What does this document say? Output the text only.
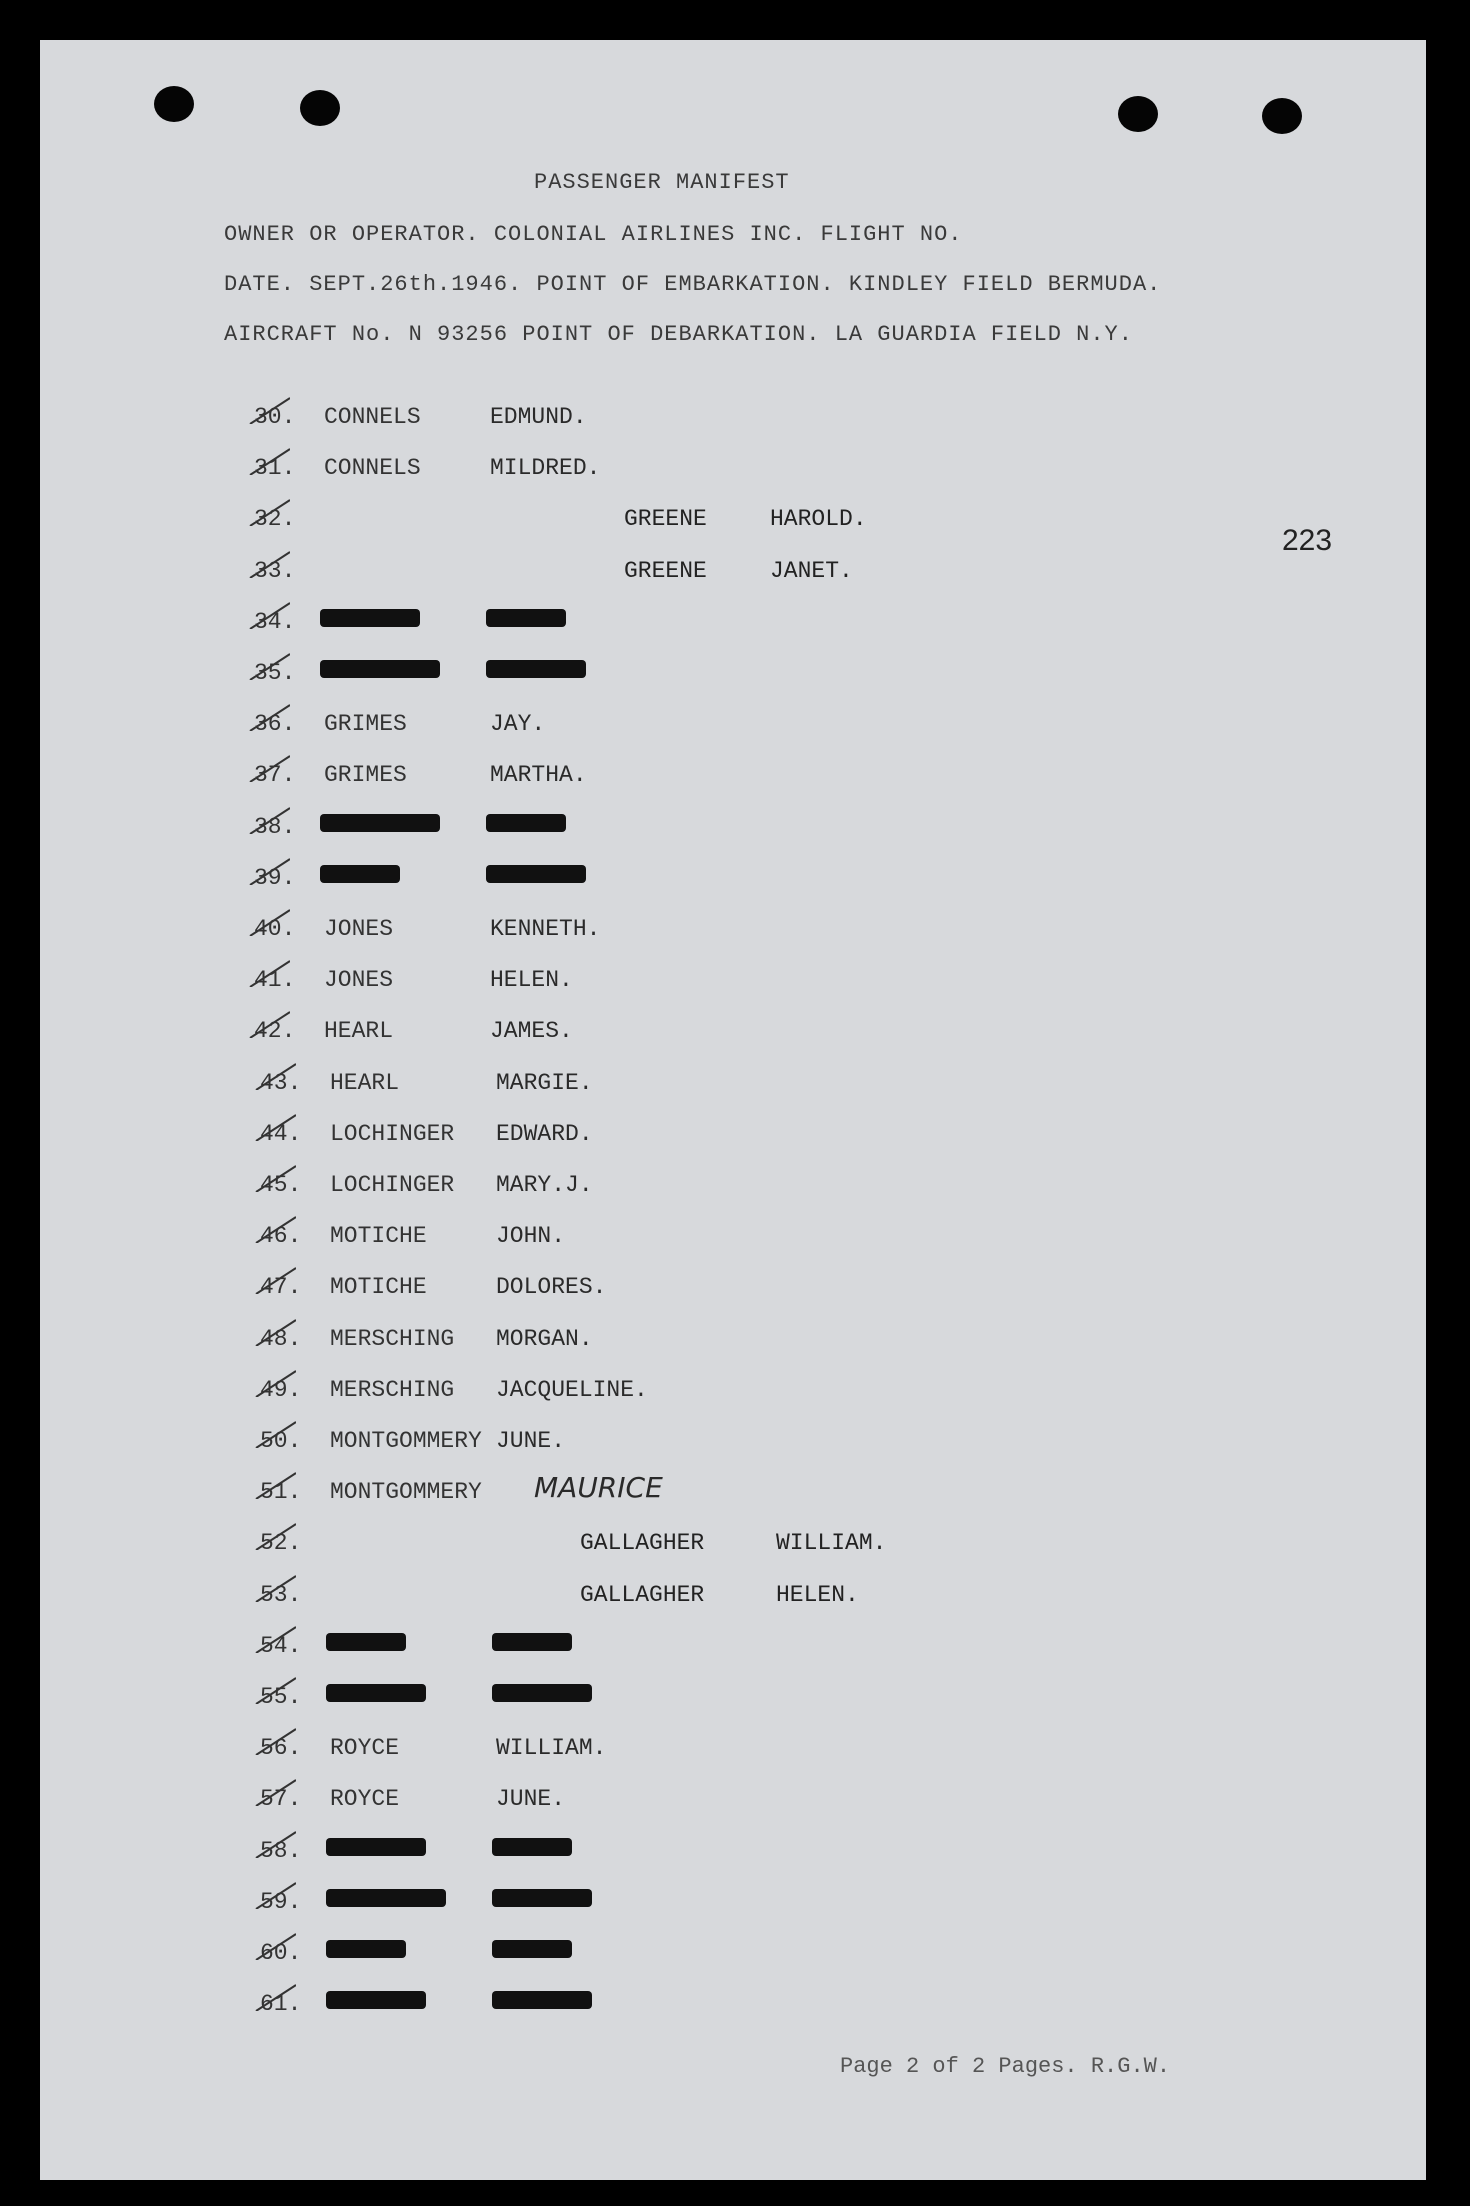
PASSENGER MANIFEST
OWNER OR OPERATOR. COLONIAL AIRLINES INC. FLIGHT NO.
DATE. SEPT.26th.1946. POINT OF EMBARKATION. KINDLEY FIELD BERMUDA.
AIRCRAFT No. N 93256 POINT OF DEBARKATION. LA GUARDIA FIELD N.Y.
223
30. CONNELS	EDMUND.
31. CONNELS	MILDRED.
32.	GREENE	HAROLD.
33.	GREENE	JANET.
34.
35.
36. GRIMES	JAY.
37. GRIMES	MARTHA.
38.
39.
40. JONES	KENNETH.
41. JONES	HELEN.
42. HEARL	JAMES.
43. HEARL	MARGIE.
44. LOCHINGER EDWARD.
45. LOCHINGER MARY.J.
46. MOTICHE	JOHN.
47. MOTICHE	DOLORES.
48. MERSCHING MORGAN.
49. MERSCHING JACQUELINE.
50. MONTGOMMERY JUNE.
51. MONTGOMMERY MAURICE
52.	GALLAGHER	WILLIAM.
53.	GALLAGHER	HELEN.
54.
55.
56. ROYCE	WILLIAM.
57. ROYCE	JUNE.
58.
59.
60.
61.
Page 2 of 2 Pages. R.G.W.
